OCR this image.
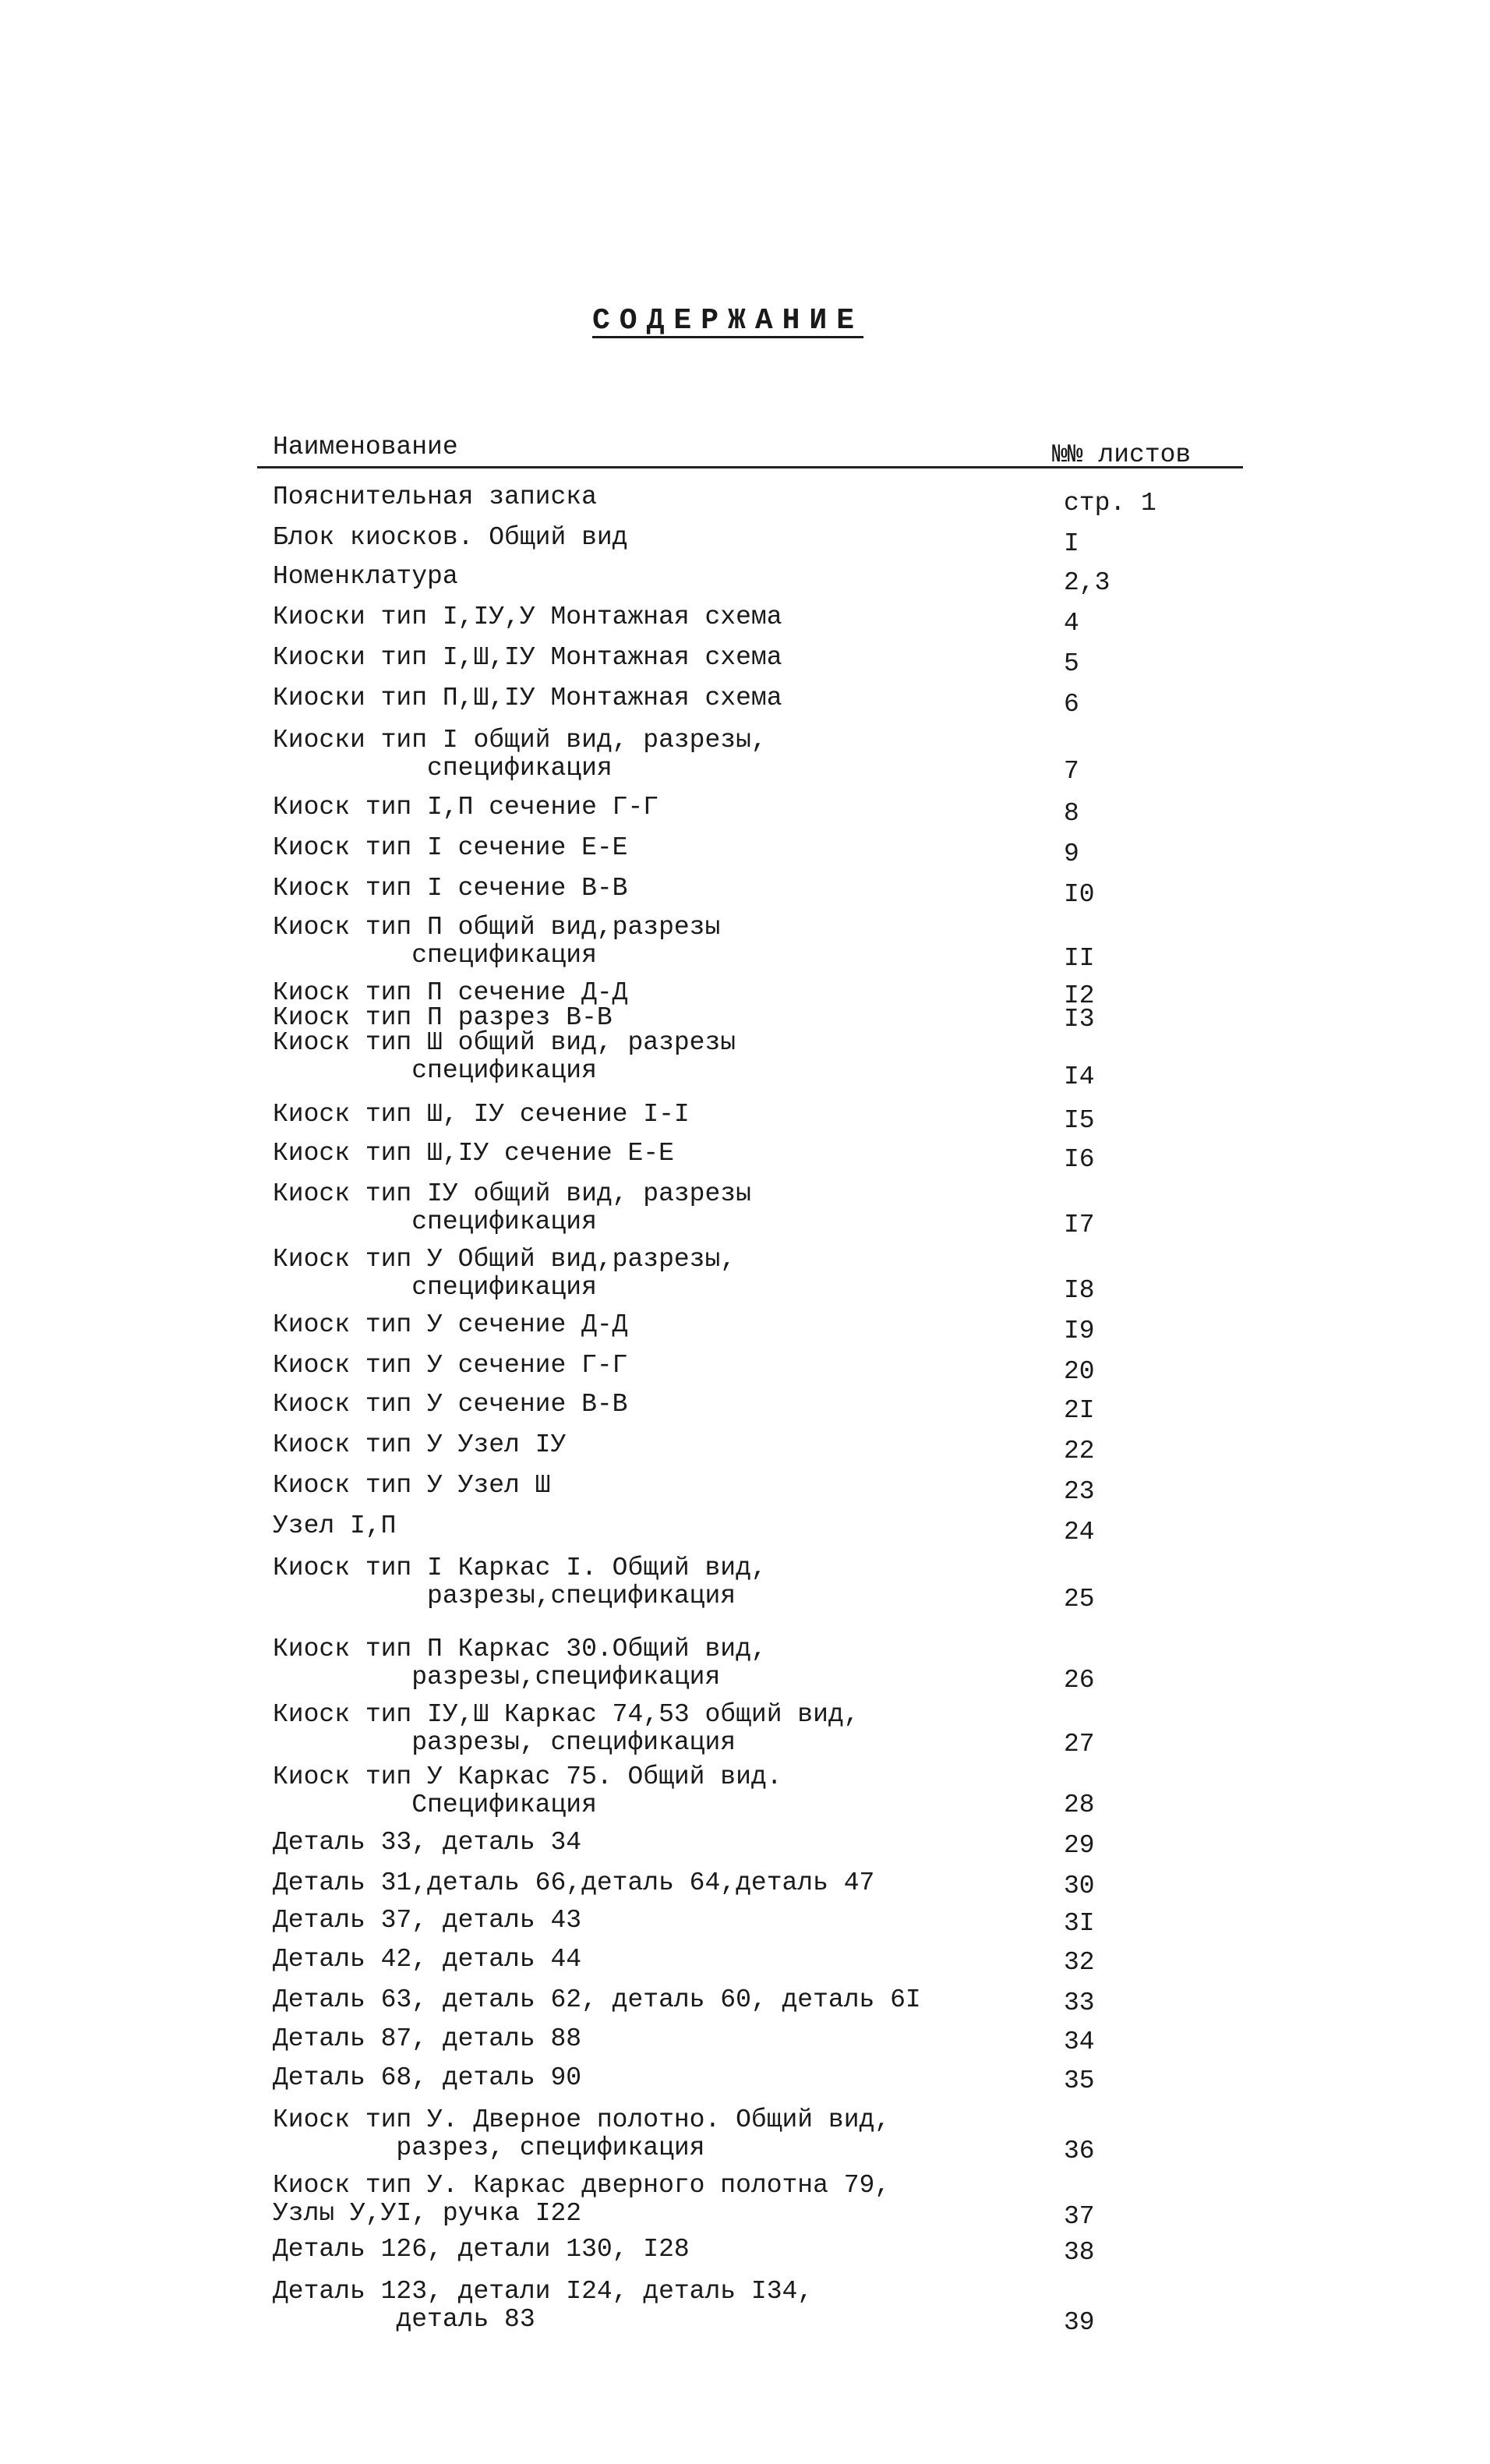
СОДЕРЖАНИЕ
Наименование	№№ листов
Пояснительная записка	стр. 1
Блок киосков. Общий вид	I
Номенклатура	2,3
Киоски тип I,IУ,У Монтажная схема	4
Киоски тип I,Ш,IУ Монтажная схема	5
Киоски тип П,Ш,IУ Монтажная схема	6
Киоски тип I общий вид, разрезы,
спецификация	7
Киоск тип I,П сечение Г-Г	8
Киоск тип I сечение Е-Е	9
Киоск тип I сечение В-В	I0
Киоск тип П общий вид,разрезы
спецификация	II
Киоск тип П сечение Д-Д	I2
Киоск тип П разрез В-В	I3
Киоск тип Ш общий вид, разрезы
спецификация	I4
Киоск тип Ш, IУ сечение I-I	I5
Киоск тип Ш,IУ сечение Е-Е	I6
Киоск тип IУ общий вид, разрезы
спецификация	I7
Киоск тип У Общий вид,разрезы,
спецификация	I8
Киоск тип У сечение Д-Д	I9
Киоск тип У сечение Г-Г	20
Киоск тип У сечение В-В	2I
Киоск тип У Узел IУ	22
Киоск тип У Узел Ш	23
Узел I,П	24
Киоск тип I Каркас I. Общий вид,
разрезы,спецификация	25
Киоск тип П Каркас 30.Общий вид,
разрезы,спецификация	26
Киоск тип IУ,Ш Каркас 74,53 общий вид,
разрезы, спецификация	27
Киоск тип У Каркас 75. Общий вид.
Спецификация	28
Деталь 33, деталь 34	29
Деталь 31,деталь 66,деталь 64,деталь 47	30
Деталь 37, деталь 43	3I
Деталь 42, деталь 44	32
Деталь 63, деталь 62, деталь 60, деталь 6I	33
Деталь 87, деталь 88	34
Деталь 68, деталь 90	35
Киоск тип У. Дверное полотно. Общий вид,
разрез, спецификация	36
Киоск тип У. Каркас дверного полотна 79,
Узлы У,УI, ручка I22	37
Деталь 126, детали 130, I28	38
Деталь 123, детали I24, деталь I34,
деталь 83	39
